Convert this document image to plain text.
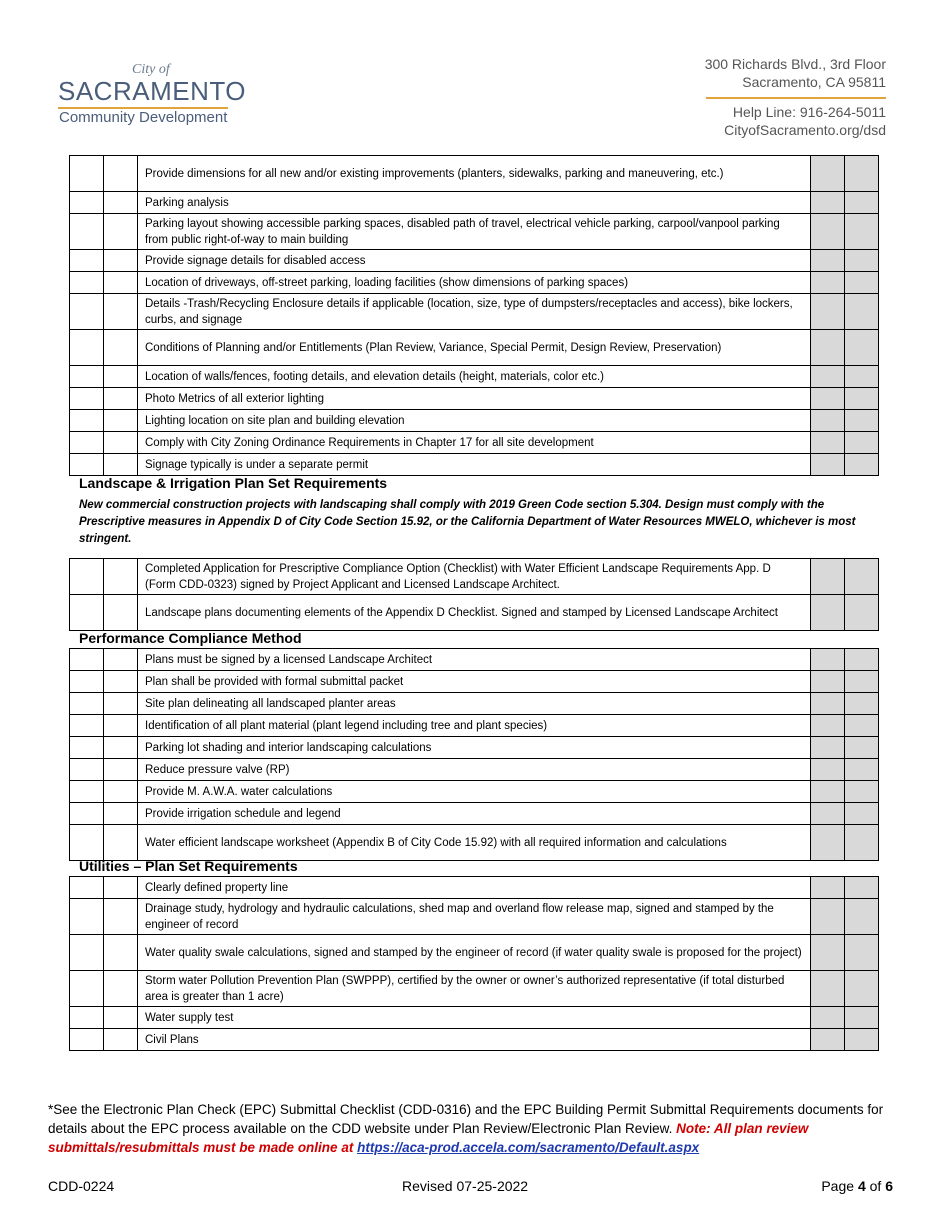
City of
SACRAMENTO
Community Development
300 Richards Blvd., 3rd Floor
Sacramento, CA 95811
Help Line: 916-264-5011
CityofSacramento.org/dsd
		Provide dimensions for all new and/or existing improvements (planters, sidewalks, parking and maneuvering, etc.)		
		Parking analysis		
		Parking layout showing accessible parking spaces, disabled path of travel, electrical vehicle parking, carpool/vanpool parking from public right-of-way to main building		
		Provide signage details for disabled access		
		Location of driveways, off-street parking, loading facilities (show dimensions of parking spaces)		
		Details -Trash/Recycling Enclosure details if applicable (location, size, type of dumpsters/receptacles and access), bike lockers, curbs, and signage		
		Conditions of Planning and/or Entitlements (Plan Review, Variance, Special Permit, Design Review, Preservation)		
		Location of walls/fences, footing details, and elevation details (height, materials, color etc.)		
		Photo Metrics of all exterior lighting		
		Lighting location on site plan and building elevation		
		Comply with City Zoning Ordinance Requirements in Chapter 17 for all site development		
		Signage typically is under a separate permit		
Landscape & Irrigation Plan Set Requirements
New commercial construction projects with landscaping shall comply with 2019 Green Code section 5.304. Design must comply with the Prescriptive measures in Appendix D of City Code Section 15.92, or the California Department of Water Resources MWELO, whichever is most stringent.
		Completed Application for Prescriptive Compliance Option (Checklist) with Water Efficient Landscape Requirements App. D (Form CDD-0323) signed by Project Applicant and Licensed Landscape Architect.		
		Landscape plans documenting elements of the Appendix D Checklist. Signed and stamped by Licensed Landscape Architect		
Performance Compliance Method
		Plans must be signed by a licensed Landscape Architect		
		Plan shall be provided with formal submittal packet		
		Site plan delineating all landscaped planter areas		
		Identification of all plant material (plant legend including tree and plant species)		
		Parking lot shading and interior landscaping calculations		
		Reduce pressure valve (RP)		
		Provide M. A.W.A. water calculations		
		Provide irrigation schedule and legend		
		Water efficient landscape worksheet (Appendix B of City Code 15.92) with all required information and calculations		
Utilities – Plan Set Requirements
		Clearly defined property line		
		Drainage study, hydrology and hydraulic calculations, shed map and overland flow release map, signed and stamped by the engineer of record		
		Water quality swale calculations, signed and stamped by the engineer of record (if water quality swale is proposed for the project)		
		Storm water Pollution Prevention Plan (SWPPP), certified by the owner or owner’s authorized representative (if total disturbed area is greater than 1 acre)		
		Water supply test		
		Civil Plans		
*See the Electronic Plan Check (EPC) Submittal Checklist (CDD-0316) and the EPC Building Permit Submittal Requirements documents for details about the EPC process available on the CDD website under Plan Review/Electronic Plan Review. Note: All plan review submittals/resubmittals must be made online at https://aca-prod.accela.com/sacramento/Default.aspx
CDD-0224	Revised 07-25-2022	Page 4 of 6
